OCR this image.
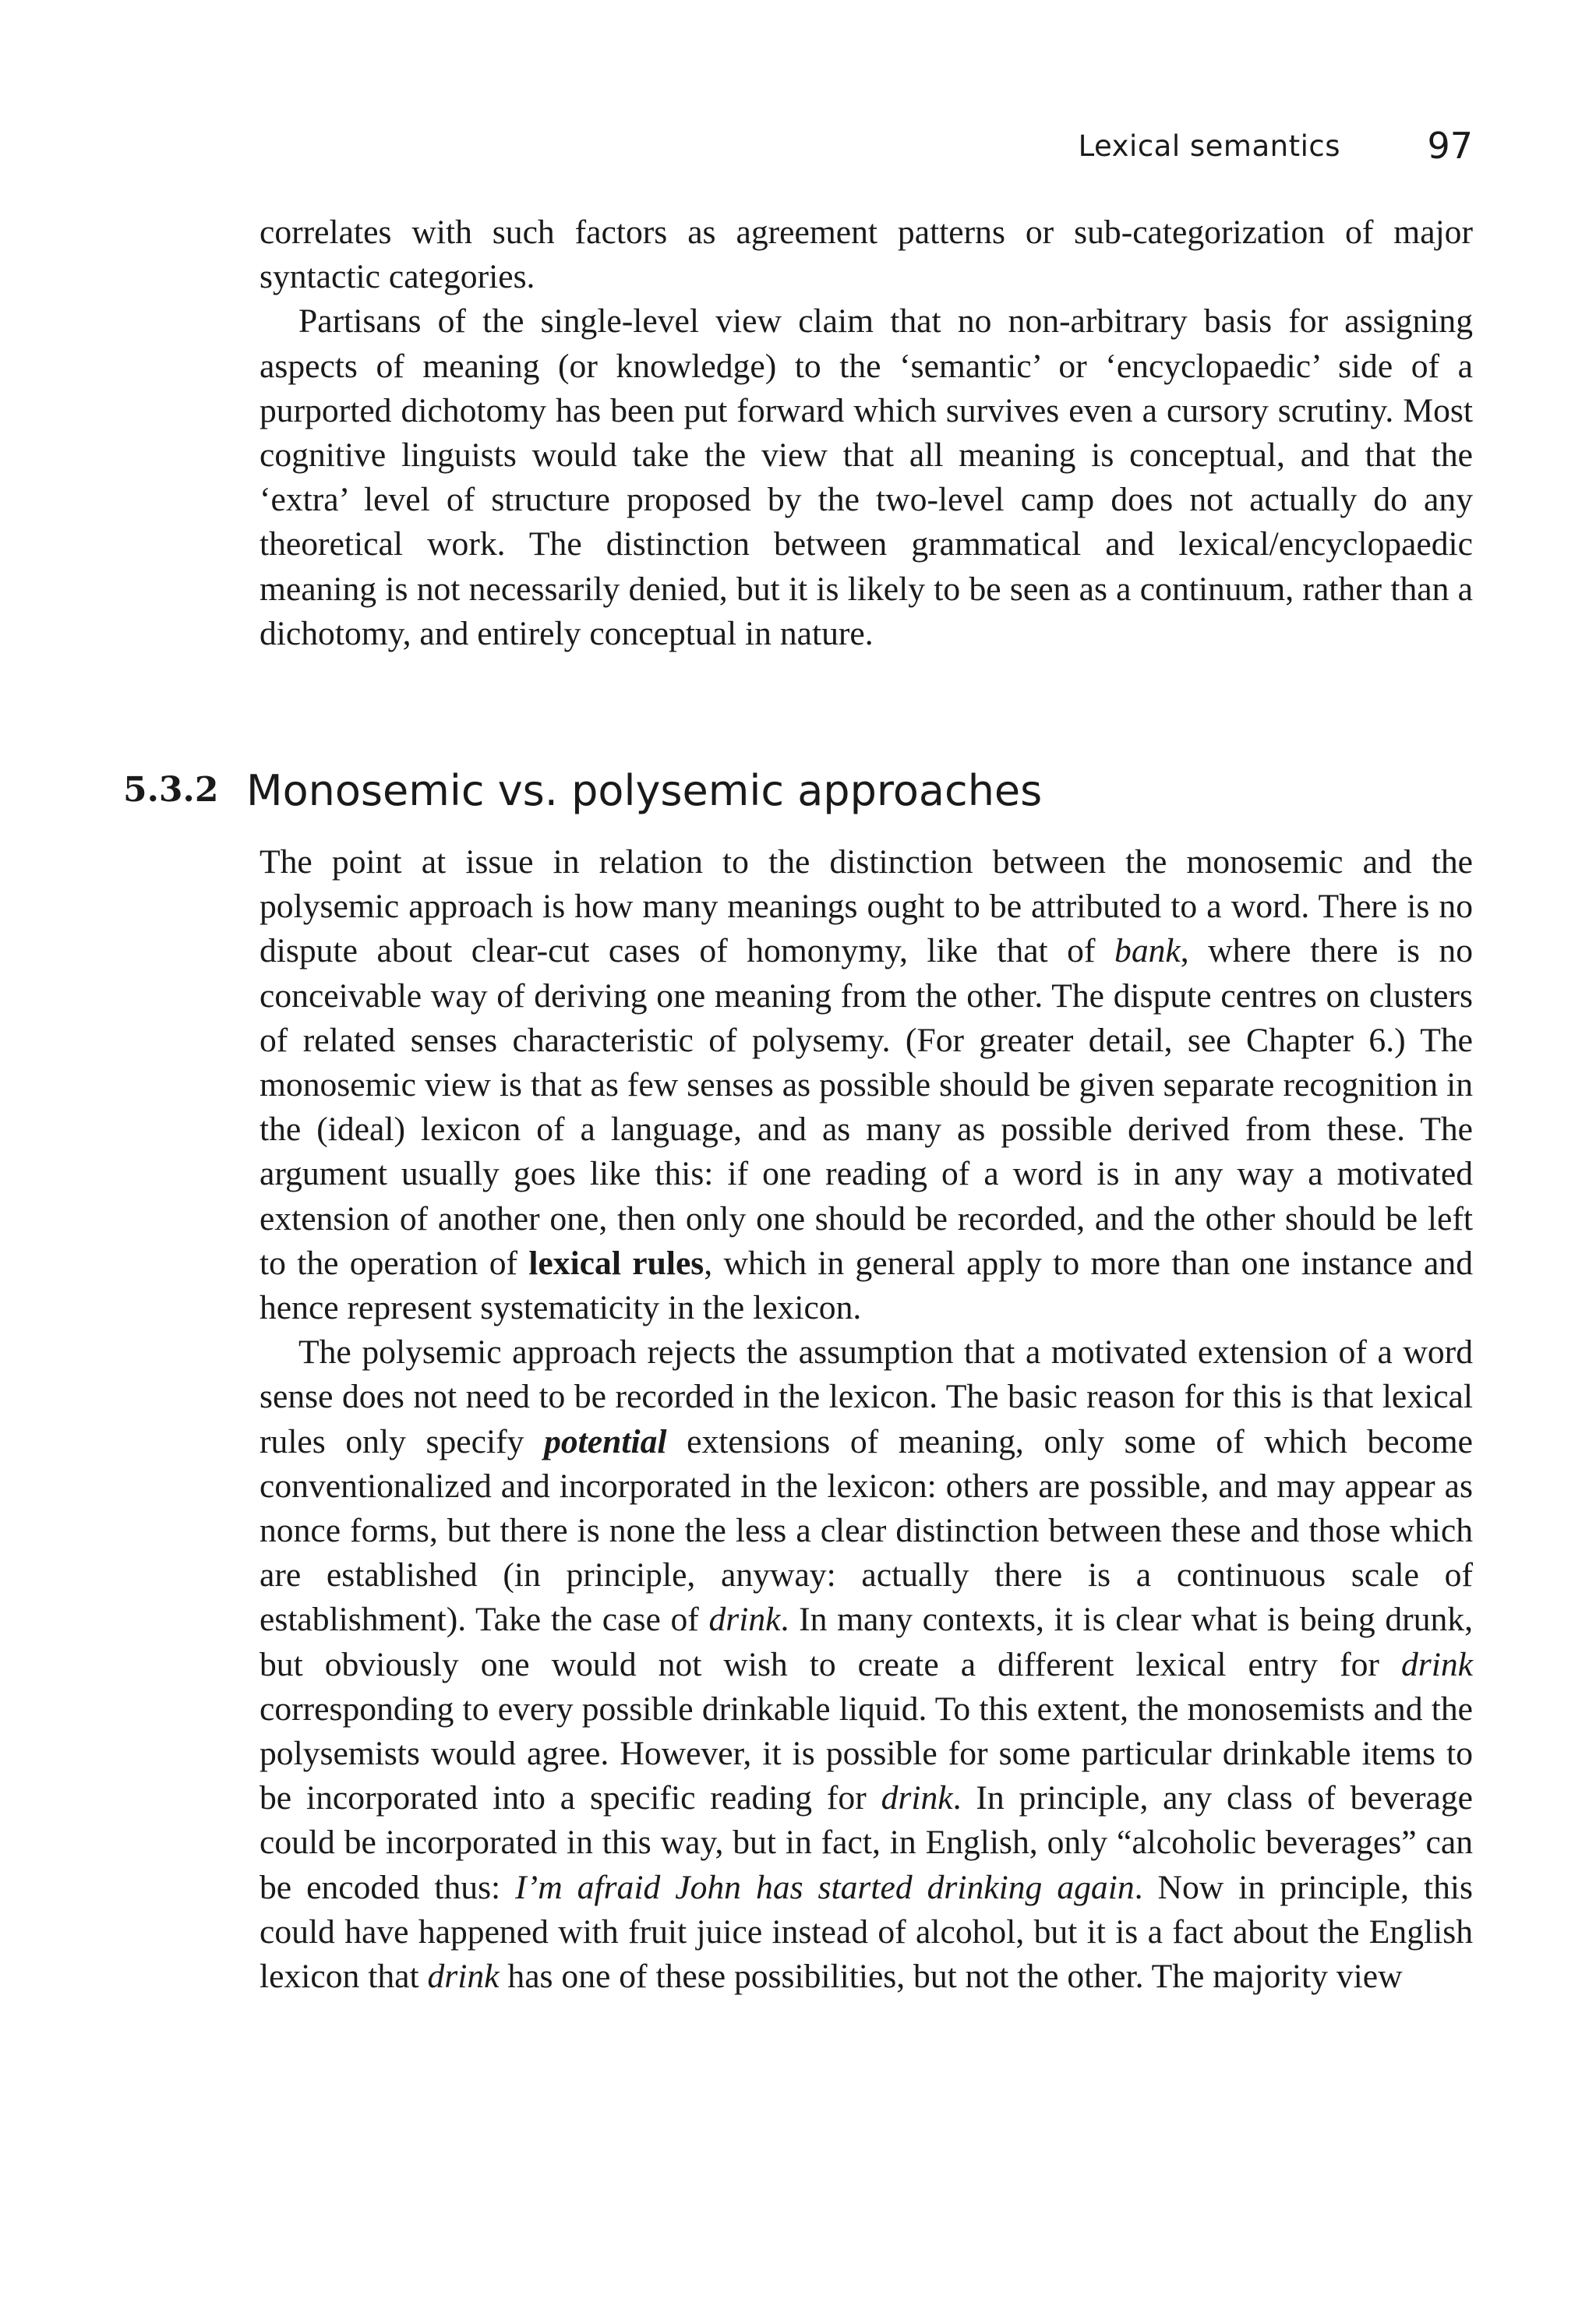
Lexical semantics 97

correlates with such factors as agreement patterns or sub-categorization of major syntactic categories.

Partisans of the single-level view claim that no non-arbitrary basis for assigning aspects of meaning (or knowledge) to the ‘semantic’ or ‘encyclopaedic’ side of a purported dichotomy has been put forward which survives even a cursory scrutiny. Most cognitive linguists would take the view that all meaning is conceptual, and that the ‘extra’ level of structure proposed by the two-level camp does not actually do any theoretical work. The distinction between grammatical and lexical/encyclopaedic meaning is not necessarily denied, but it is likely to be seen as a continuum, rather than a dichotomy, and entirely conceptual in nature.

5.3.2 Monosemic vs. polysemic approaches

The point at issue in relation to the distinction between the monosemic and the polysemic approach is how many meanings ought to be attributed to a word. There is no dispute about clear-cut cases of homonymy, like that of bank, where there is no conceivable way of deriving one meaning from the other. The dispute centres on clusters of related senses characteristic of polysemy. (For greater detail, see Chapter 6.) The monosemic view is that as few senses as possible should be given separate recognition in the (ideal) lexicon of a language, and as many as possible derived from these. The argument usually goes like this: if one reading of a word is in any way a motivated extension of another one, then only one should be recorded, and the other should be left to the operation of lexical rules, which in general apply to more than one instance and hence represent systematicity in the lexicon.

The polysemic approach rejects the assumption that a motivated extension of a word sense does not need to be recorded in the lexicon. The basic reason for this is that lexical rules only specify potential extensions of meaning, only some of which become conventionalized and incorporated in the lexicon: others are possible, and may appear as nonce forms, but there is none the less a clear distinction between these and those which are established (in principle, anyway: actually there is a continuous scale of establishment). Take the case of drink. In many contexts, it is clear what is being drunk, but obviously one would not wish to create a different lexical entry for drink corresponding to every possible drinkable liquid. To this extent, the monosemists and the polysemists would agree. However, it is possible for some particular drinkable items to be incorporated into a specific reading for drink. In principle, any class of beverage could be incorporated in this way, but in fact, in English, only “alcoholic beverages” can be encoded thus: I’m afraid John has started drinking again. Now in principle, this could have happened with fruit juice instead of alcohol, but it is a fact about the English lexicon that drink has one of these possibilities, but not the other. The majority view
